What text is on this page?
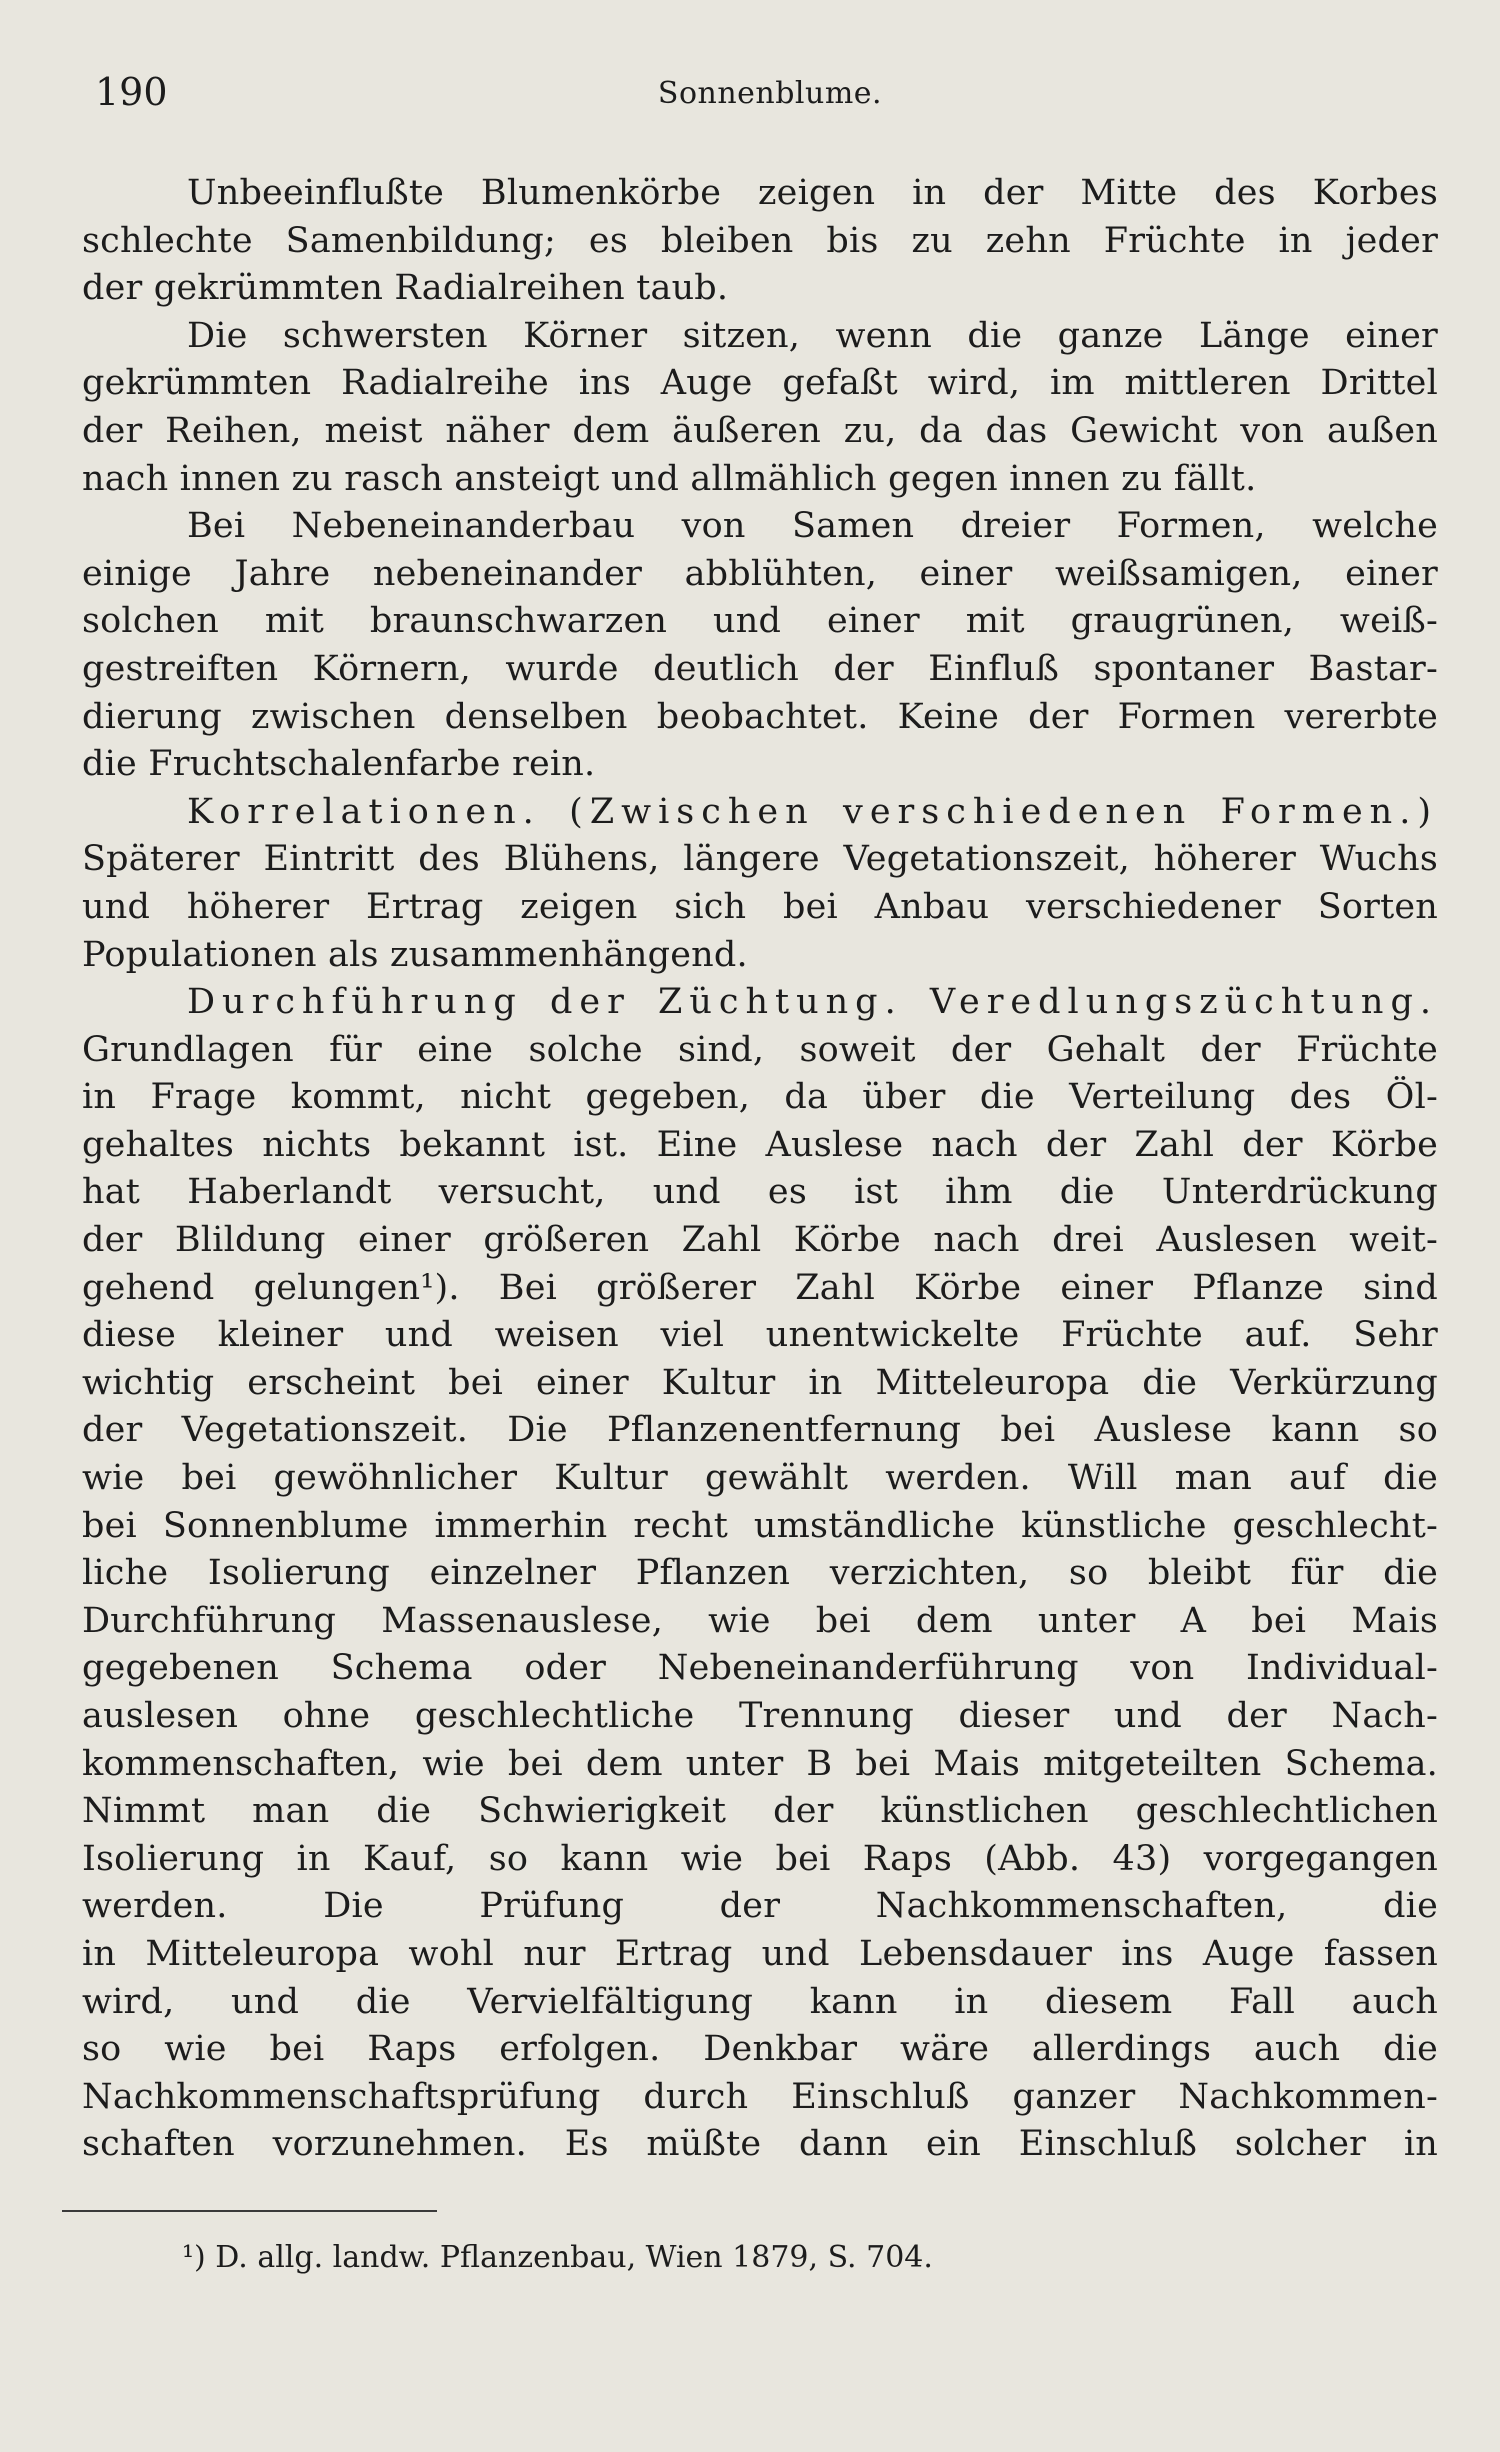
190	Sonnenblume.
Unbeeinflußte Blumenkörbe zeigen in der Mitte des Korbes
schlechte Samenbildung; es bleiben bis zu zehn Früchte in jeder
der gekrümmten Radialreihen taub.
Die schwersten Körner sitzen, wenn die ganze Länge einer
gekrümmten Radialreihe ins Auge gefaßt wird, im mittleren Drittel
der Reihen, meist näher dem äußeren zu, da das Gewicht von außen
nach innen zu rasch ansteigt und allmählich gegen innen zu fällt.
Bei Nebeneinanderbau von Samen dreier Formen, welche
einige Jahre nebeneinander abblühten, einer weißsamigen, einer
solchen mit braunschwarzen und einer mit graugrünen, weiß-
gestreiften Körnern, wurde deutlich der Einfluß spontaner Bastar-
dierung zwischen denselben beobachtet. Keine der Formen vererbte
die Fruchtschalenfarbe rein.
Korrelationen. (Zwischen verschiedenen Formen.)
Späterer Eintritt des Blühens, längere Vegetationszeit, höherer Wuchs
und höherer Ertrag zeigen sich bei Anbau verschiedener Sorten
Populationen als zusammenhängend.
Durchführung der Züchtung. Veredlungszüchtung.
Grundlagen für eine solche sind, soweit der Gehalt der Früchte
in Frage kommt, nicht gegeben, da über die Verteilung des Öl-
gehaltes nichts bekannt ist. Eine Auslese nach der Zahl der Körbe
hat Haberlandt versucht, und es ist ihm die Unterdrückung
der Blildung einer größeren Zahl Körbe nach drei Auslesen weit-
gehend gelungen¹). Bei größerer Zahl Körbe einer Pflanze sind
diese kleiner und weisen viel unentwickelte Früchte auf. Sehr
wichtig erscheint bei einer Kultur in Mitteleuropa die Verkürzung
der Vegetationszeit. Die Pflanzenentfernung bei Auslese kann so
wie bei gewöhnlicher Kultur gewählt werden. Will man auf die
bei Sonnenblume immerhin recht umständliche künstliche geschlecht-
liche Isolierung einzelner Pflanzen verzichten, so bleibt für die
Durchführung Massenauslese, wie bei dem unter A bei Mais
gegebenen Schema oder Nebeneinanderführung von Individual-
auslesen ohne geschlechtliche Trennung dieser und der Nach-
kommenschaften, wie bei dem unter B bei Mais mitgeteilten Schema.
Nimmt man die Schwierigkeit der künstlichen geschlechtlichen
Isolierung in Kauf, so kann wie bei Raps (Abb. 43) vorgegangen
werden. Die Prüfung der Nachkommenschaften, die
in Mitteleuropa wohl nur Ertrag und Lebensdauer ins Auge fassen
wird, und die Vervielfältigung kann in diesem Fall auch
so wie bei Raps erfolgen. Denkbar wäre allerdings auch die
Nachkommenschaftsprüfung durch Einschluß ganzer Nachkommen-
schaften vorzunehmen. Es müßte dann ein Einschluß solcher in
¹) D. allg. landw. Pflanzenbau, Wien 1879, S. 704.
